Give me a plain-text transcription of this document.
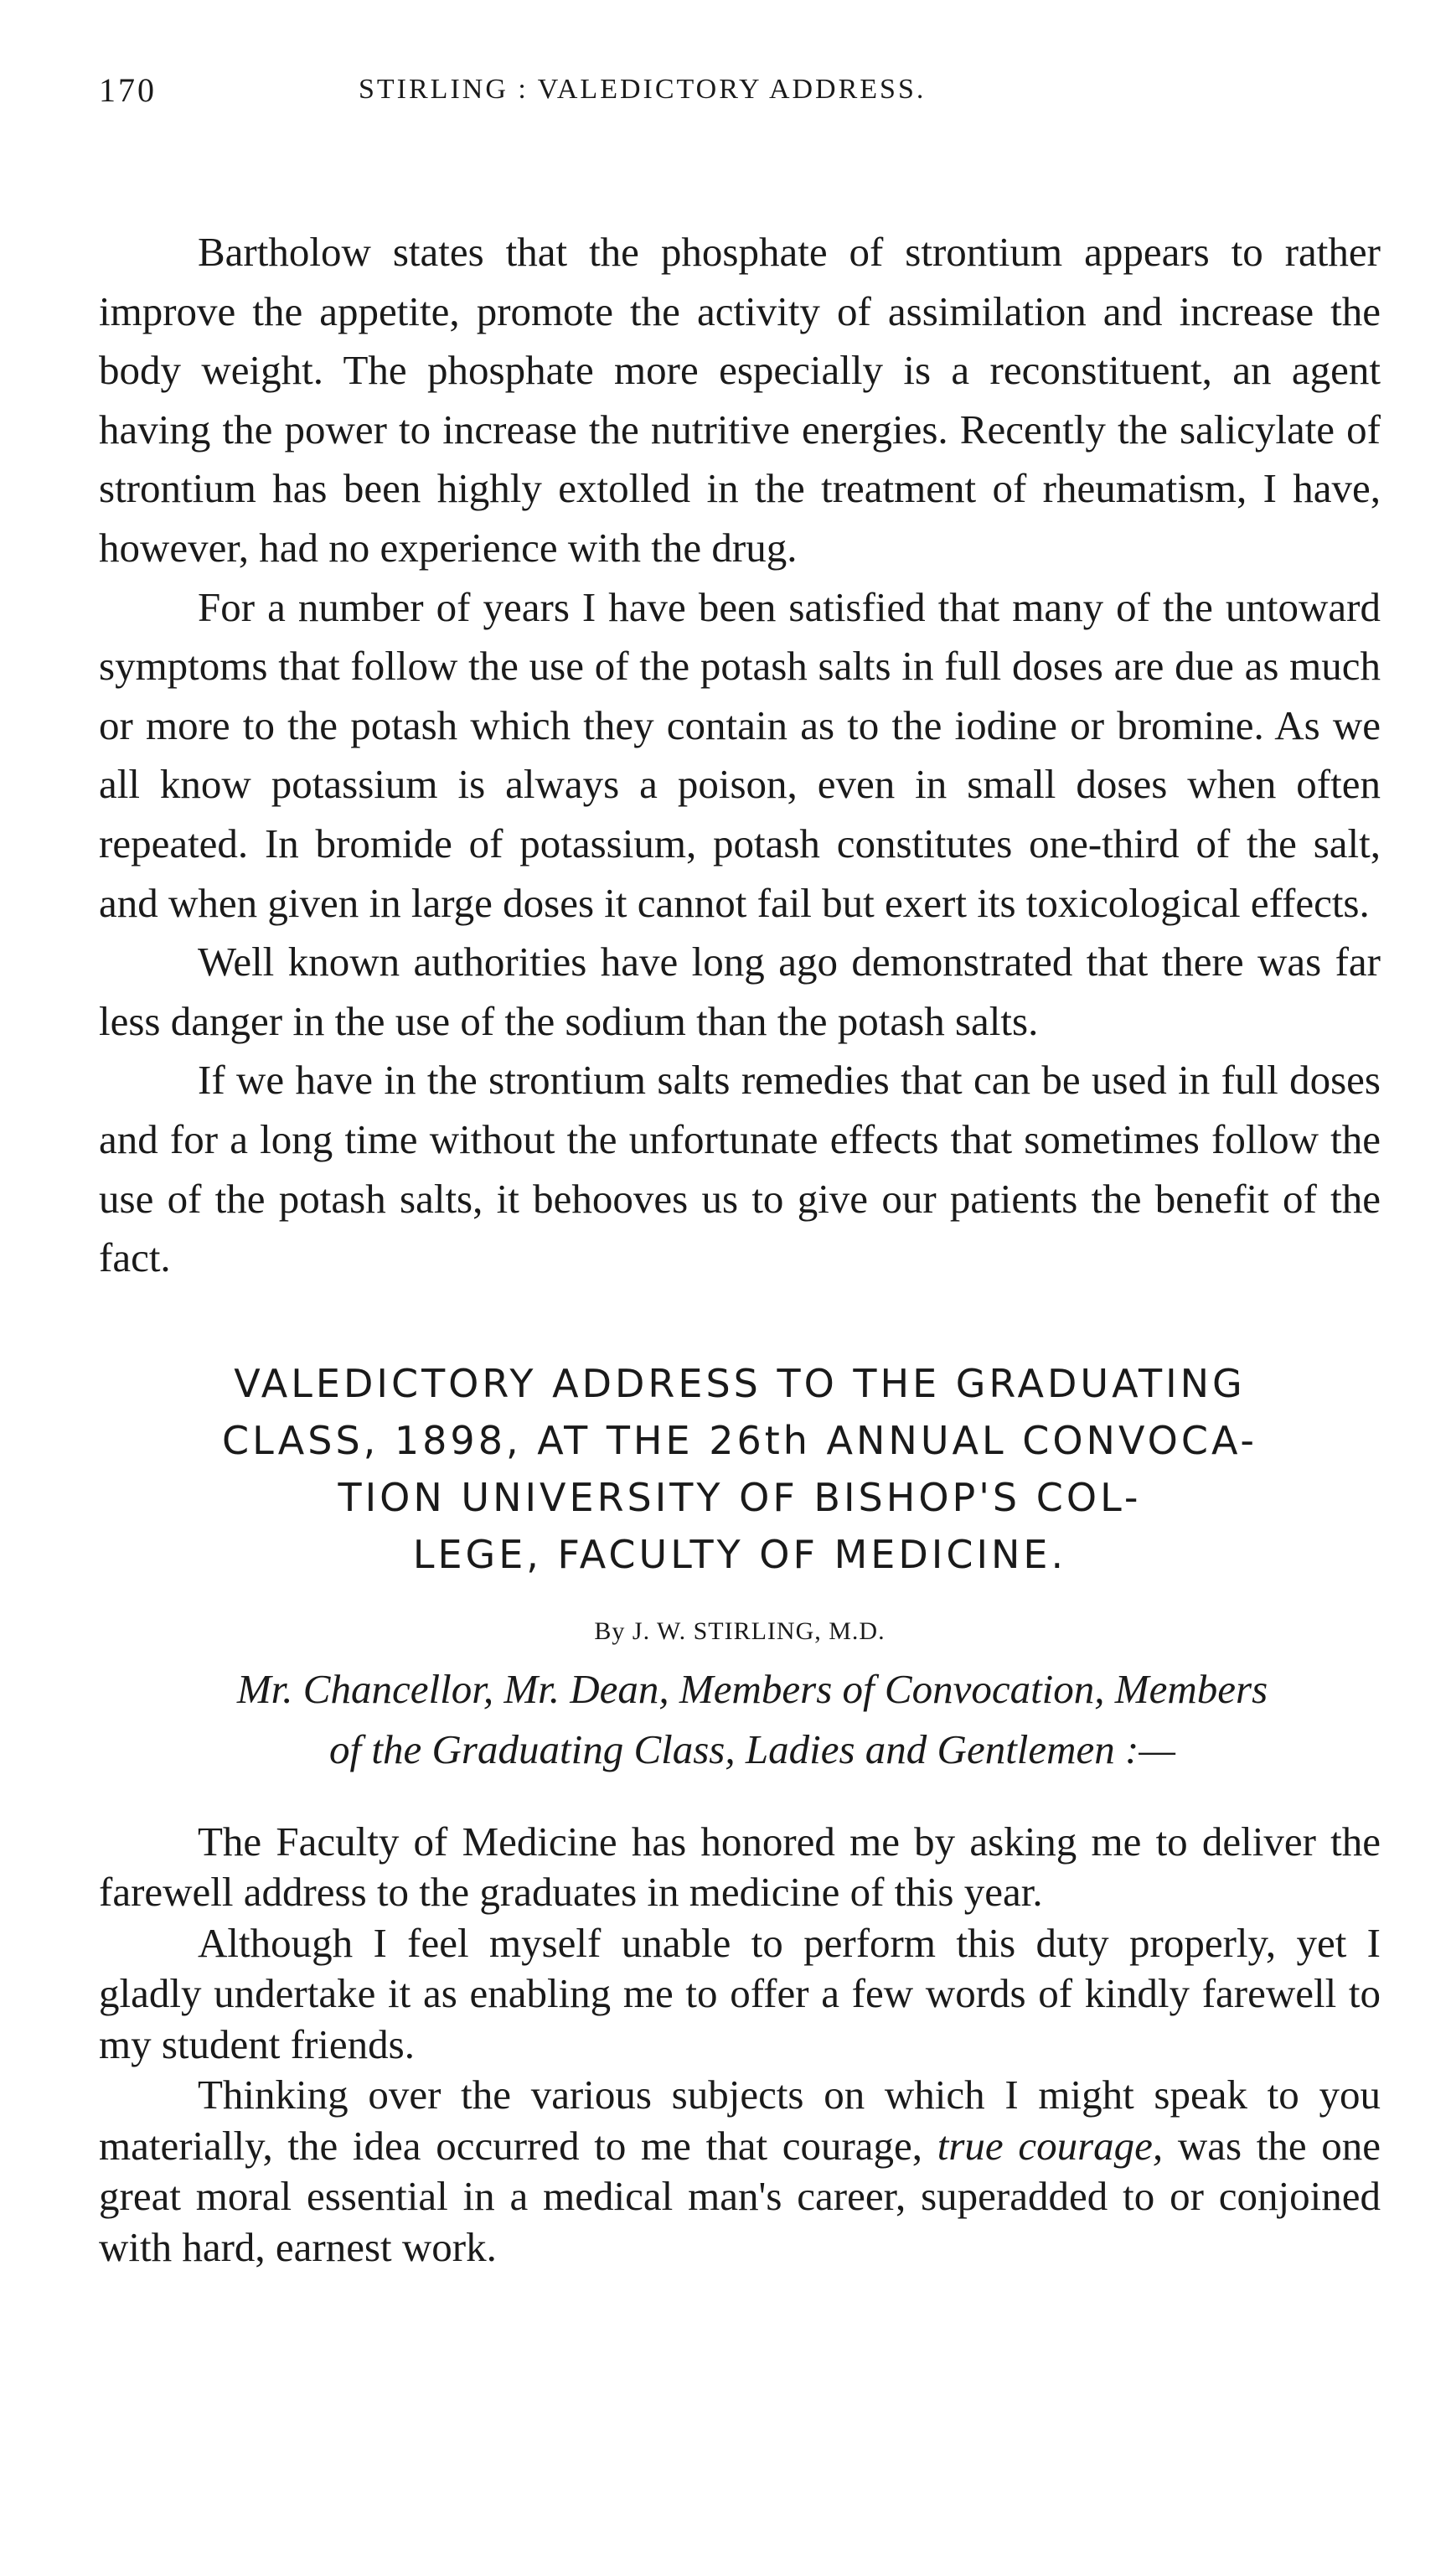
170	STIRLING : VALEDICTORY ADDRESS.

Bartholow states that the phosphate of strontium appears to rather improve the appetite, promote the activity of assimilation and increase the body weight. The phosphate more especially is a reconstituent, an agent having the power to increase the nutritive energies. Recently the salicylate of strontium has been highly extolled in the treatment of rheumatism, I have, however, had no experience with the drug.

For a number of years I have been satisfied that many of the untoward symptoms that follow the use of the potash salts in full doses are due as much or more to the potash which they contain as to the iodine or bromine. As we all know potassium is always a poison, even in small doses when often repeated. In bromide of potassium, potash constitutes one-third of the salt, and when given in large doses it cannot fail but exert its toxicological effects.

Well known authorities have long ago demonstrated that there was far less danger in the use of the sodium than the potash salts.

If we have in the strontium salts remedies that can be used in full doses and for a long time without the unfortunate effects that sometimes follow the use of the potash salts, it behooves us to give our patients the benefit of the fact.

VALEDICTORY ADDRESS TO THE GRADUATING
CLASS, 1898, AT THE 26th ANNUAL CONVOCA-
TION UNIVERSITY OF BISHOP'S COL-
LEGE, FACULTY OF MEDICINE.
By J. W. STIRLING, M.D.
Mr. Chancellor, Mr. Dean, Members of Convocation, Members
of the Graduating Class, Ladies and Gentlemen :—

The Faculty of Medicine has honored me by asking me to deliver the farewell address to the graduates in medicine of this year.

Although I feel myself unable to perform this duty properly, yet I gladly undertake it as enabling me to offer a few words of kindly farewell to my student friends.

Thinking over the various subjects on which I might speak to you materially, the idea occurred to me that courage, true courage, was the one great moral essential in a medical man's career, superadded to or conjoined with hard, earnest work.
